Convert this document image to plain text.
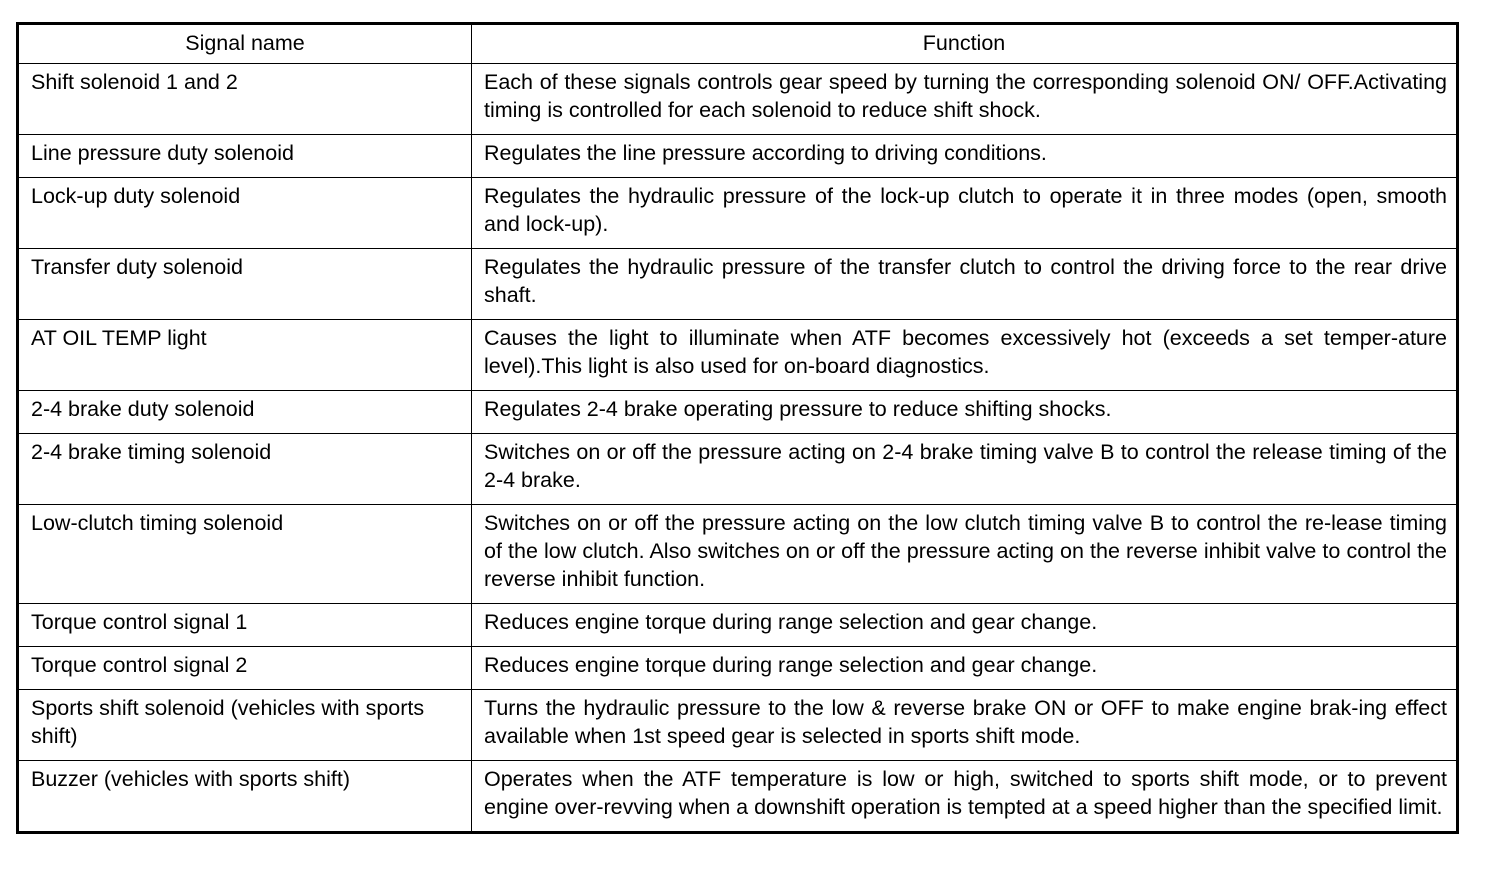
Signal name	Function
Shift solenoid 1 and 2	Each of these signals controls gear speed by turning the corresponding solenoid ON/ OFF.Activating timing is controlled for each solenoid to reduce shift shock.
Line pressure duty solenoid	Regulates the line pressure according to driving conditions.
Lock-up duty solenoid	Regulates the hydraulic pressure of the lock-up clutch to operate it in three modes (open, smooth and lock-up).
Transfer duty solenoid	Regulates the hydraulic pressure of the transfer clutch to control the driving force to the rear drive shaft.
AT OIL TEMP light	Causes the light to illuminate when ATF becomes excessively hot (exceeds a set temper-ature level).This light is also used for on-board diagnostics.
2-4 brake duty solenoid	Regulates 2-4 brake operating pressure to reduce shifting shocks.
2-4 brake timing solenoid	Switches on or off the pressure acting on 2-4 brake timing valve B to control the release timing of the 2-4 brake.
Low-clutch timing solenoid	Switches on or off the pressure acting on the low clutch timing valve B to control the re-lease timing of the low clutch. Also switches on or off the pressure acting on the reverse inhibit valve to control the reverse inhibit function.
Torque control signal 1	Reduces engine torque during range selection and gear change.
Torque control signal 2	Reduces engine torque during range selection and gear change.
Sports shift solenoid (vehicles with sports shift)	Turns the hydraulic pressure to the low & reverse brake ON or OFF to make engine brak-ing effect available when 1st speed gear is selected in sports shift mode.
Buzzer (vehicles with sports shift)	Operates when the ATF temperature is low or high, switched to sports shift mode, or to prevent engine over-revving when a downshift operation is tempted at a speed higher than the specified limit.
